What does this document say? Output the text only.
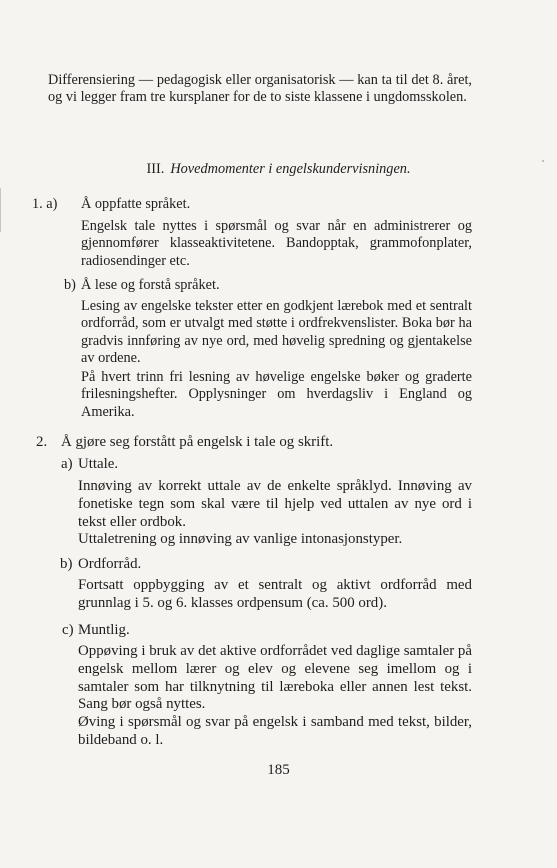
Differensiering — pedagogisk eller organisatorisk — kan ta til det 8. året, og vi legger fram tre kursplaner for de to siste klassene i ungdomsskolen.

III. Hovedmomenter i engelskundervisningen.
1. a) Å oppfatte språket.

Engelsk tale nyttes i spørsmål og svar når en administrerer og gjennomfører klasseaktivitetene. Bandopptak, grammofonplater, radiosendinger etc.

b) Å lese og forstå språket.

Lesing av engelske tekster etter en godkjent lærebok med et sentralt ordforråd, som er utvalgt med støtte i ordfrekvenslister. Boka bør ha gradvis innføring av nye ord, med høvelig spredning og gjentakelse av ordene.

På hvert trinn fri lesning av høvelige engelske bøker og graderte frilesningshefter. Opplysninger om hverdagsliv i England og Amerika.

2. Å gjøre seg forstått på engelsk i tale og skrift.
a) Uttale.

Innøving av korrekt uttale av de enkelte språklyd. Innøving av fonetiske tegn som skal være til hjelp ved uttalen av nye ord i tekst eller ordbok.

Uttaletrening og innøving av vanlige intonasjonstyper.

b) Ordforråd.

Fortsatt oppbygging av et sentralt og aktivt ordforråd med grunnlag i 5. og 6. klasses ordpensum (ca. 500 ord).

c) Muntlig.

Oppøving i bruk av det aktive ordforrådet ved daglige samtaler på engelsk mellom lærer og elev og elevene seg imellom og i samtaler som har tilknytning til læreboka eller annen lest tekst. Sang bør også nyttes.

Øving i spørsmål og svar på engelsk i samband med tekst, bilder, bildeband o. l.

185
